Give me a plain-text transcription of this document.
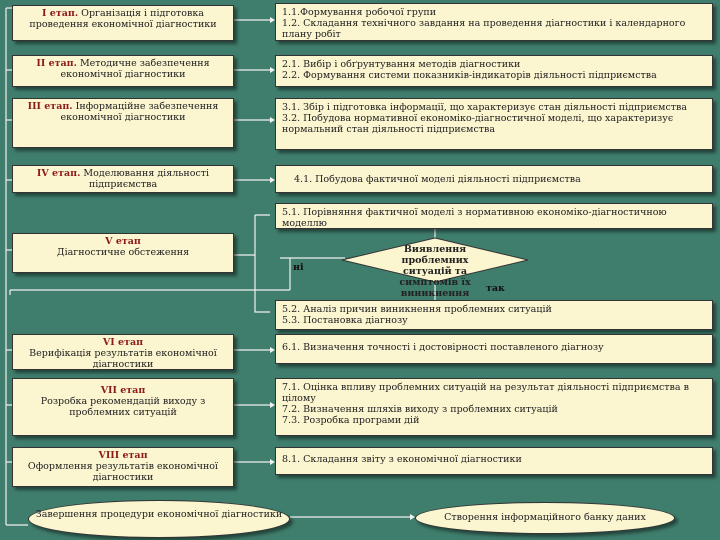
I етап. Організація і підготовка проведення економічної діагностики
1.1.Формування робочої групи
1.2. Складання технічного завдання на проведення діагностики і календарного плану робіт
II етап. Методичне забезпечення економічної діагностики
2.1. Вибір і обґрунтування методів діагностики
2.2. Формування системи показників-індикаторів діяльності підприємства
III етап. Інформаційне забезпечення економічної діагностики
3.1. Збір і підготовка інформації, що характеризує стан діяльності підприємства
3.2. Побудова нормативної економіко-діагностичної моделі, що характеризує нормальний стан діяльності підприємства
IV етап. Моделювання діяльності підприємства	4.1. Побудова фактичної моделі діяльності підприємства
V етап
Діагностичне обстеження
5.1. Порівняння фактичної моделі з нормативною економіко-діагностичною моделлю
Виявлення проблемних ситуацій та симптомів їх виникнення
ні
так
5.2. Аналіз причин виникнення проблемних ситуацій
5.3. Постановка діагнозу
VI етап
Верифікація результатів економічної діагностики
6.1. Визначення точності і достовірності поставленого діагнозу
VII етап
Розробка рекомендацій виходу з проблемних ситуацій
7.1. Оцінка впливу проблемних ситуацій на результат діяльності підприємства в цілому
7.2. Визначення шляхів виходу з проблемних ситуацій
7.3. Розробка програми дій
VIII етап
Оформлення результатів економічної діагностики
8.1. Складання звіту з економічної діагностики
Завершення процедури економічної діагностики	Створення інформаційного банку даних
